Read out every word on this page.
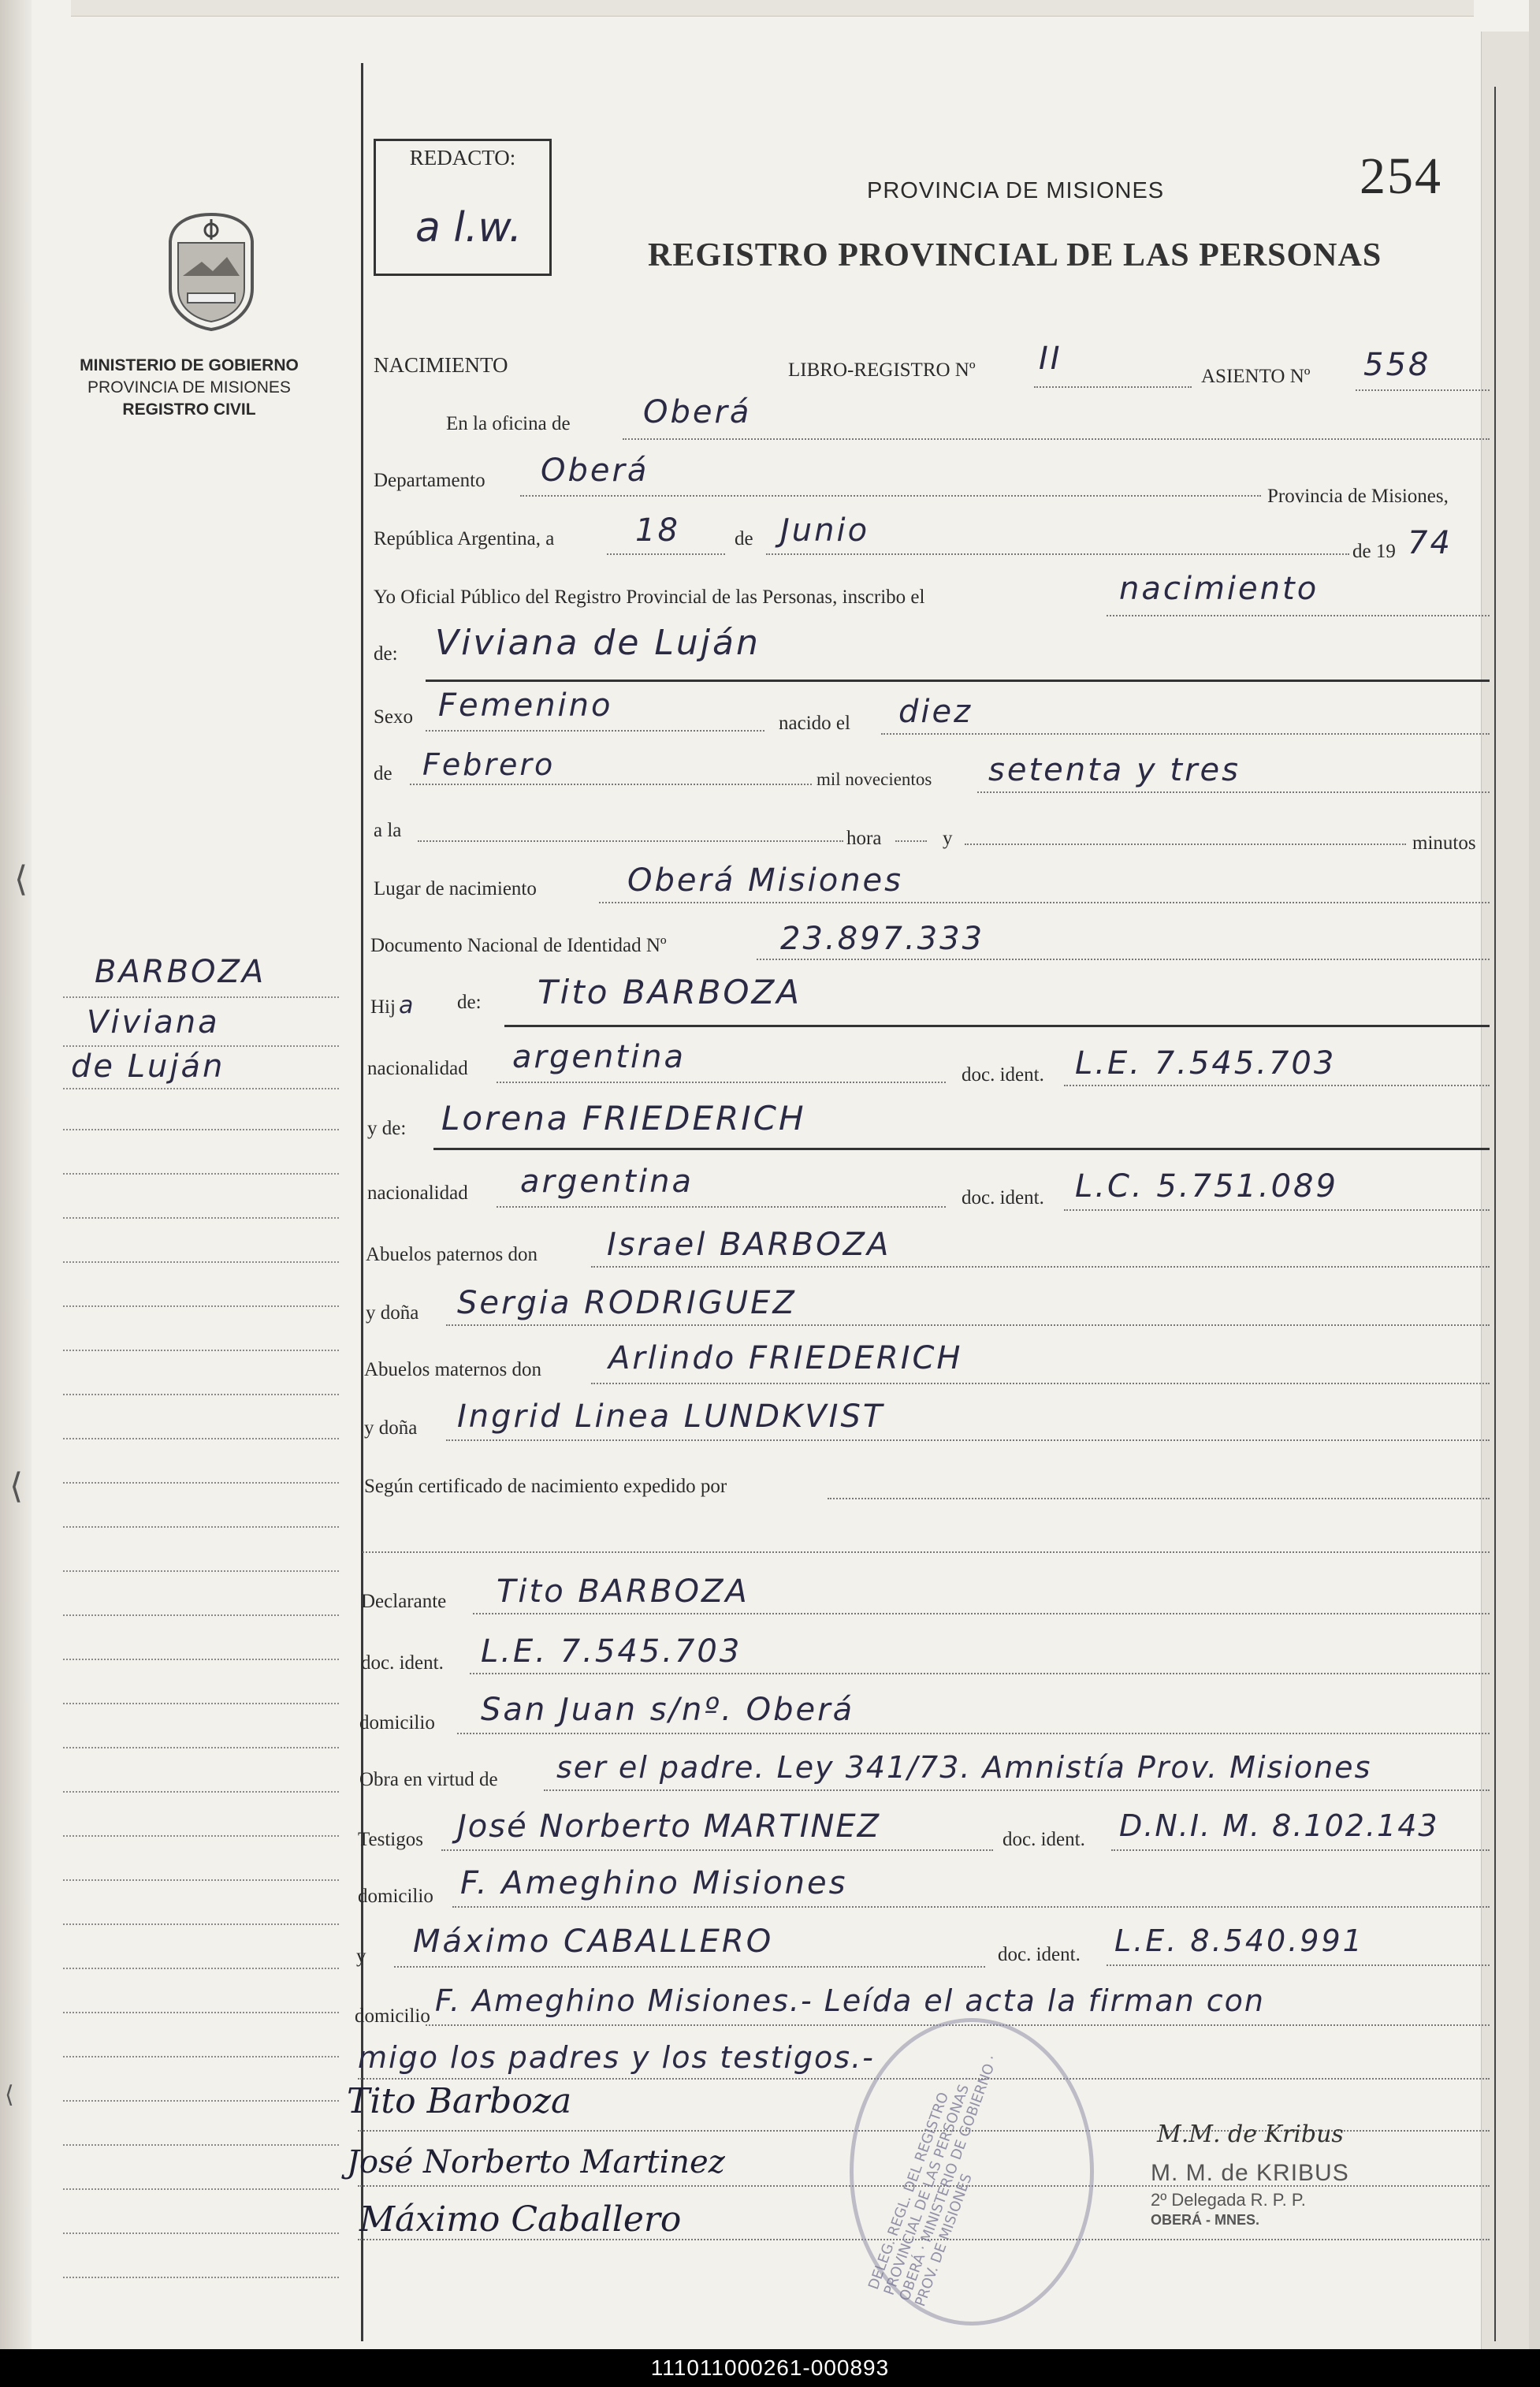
REDACTO:
a l.w.
PROVINCIA DE MISIONES
REGISTRO PROVINCIAL DE LAS PERSONAS
254
MINISTERIO DE GOBIERNO
PROVINCIA DE MISIONES
REGISTRO CIVIL
NACIMIENTO	LIBRO-REGISTRO Nº II	ASIENTO Nº 558
En la oficina de Oberá
Departamento Oberá
Provincia de Misiones,
República Argentina, a	18	de Junio
de 19 74
Yo Oficial Público del Registro Provincial de las Personas, inscribo el	nacimiento
de: Viviana de Luján
Sexo Femenino	nacido el diez
de Febrero	mil novecientos setenta y tres
a la	hora	y	minutos
Lugar de nacimiento	Oberá Misiones
Documento Nacional de Identidad Nº	23.897.333
Hij a de: Tito BARBOZA
nacionalidad argentina	doc. ident. L.E. 7.545.703
y de: Lorena FRIEDERICH
nacionalidad argentina	doc. ident. L.C. 5.751.089
Abuelos paternos don Israel BARBOZA
y doña Sergia RODRIGUEZ
Abuelos maternos don Arlindo FRIEDERICH
y doña Ingrid Linea LUNDKVIST
Según certificado de nacimiento expedido por
Declarante Tito BARBOZA
doc. ident. L.E. 7.545.703
domicilio San Juan s/nº. Oberá
Obra en virtud de ser el padre. Ley 341/73. Amnistía Prov. Misiones
Testigos José Norberto MARTINEZ	doc. ident. D.N.I. M. 8.102.143
domicilio F. Ameghino Misiones
y Máximo CABALLERO	doc. ident. L.E. 8.540.991
domicilio F. Ameghino Misiones.- Leída el acta la firman con
migo los padres y los testigos.-
Tito Barboza
José Norberto Martinez
Máximo Caballero	DELEG. REGL. DEL REGISTRO PROVINCIAL DE LAS PERSONAS · OBERÁ · MINISTERIO DE GOBIERNO · PROV. DE MISIONES
M.M. de Kribus
M. M. de KRIBUS
2º Delegada R. P. P.
OBERÁ - MNES.
BARBOZA
Viviana
de Luján
⟨
⟨
⟨
111011000261-000893
